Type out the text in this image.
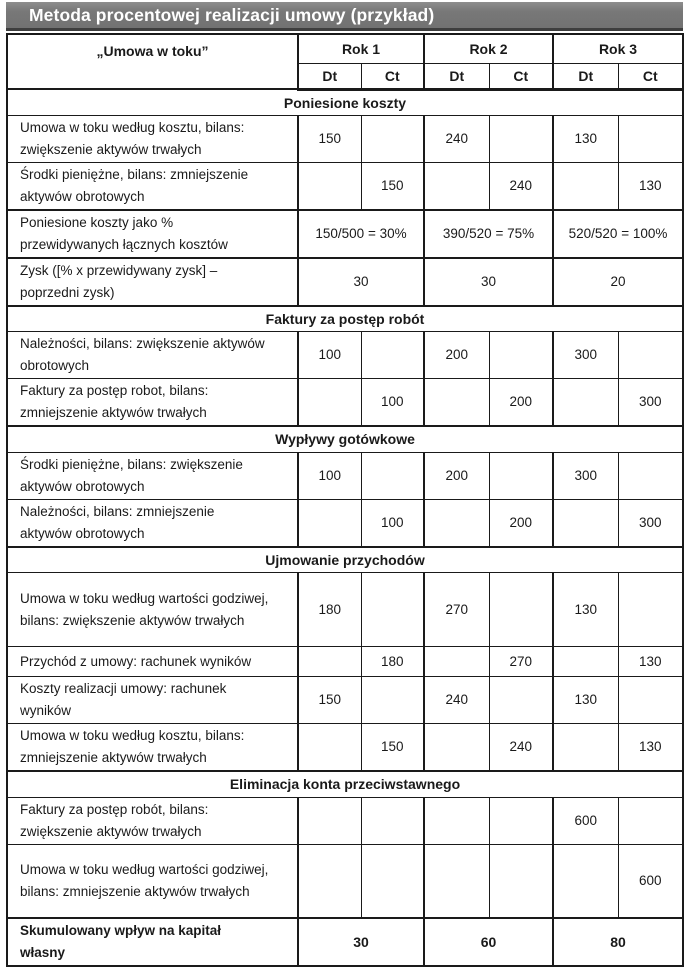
Metoda procentowej realizacji umowy (przykład)
„Umowa w toku”	Rok 1		Rok 2		Rok 3	
	Dt	Ct	Dt	Ct	Dt	Ct
Poniesione koszty						
Umowa w toku według kosztu, bilans: zwiększenie aktywów trwałych	150		240		130	
Środki pieniężne, bilans: zmniejszenie aktywów obrotowych		150		240		130
Poniesione koszty jako % przewidywanych łącznych kosztów	150/500 = 30%		390/520 = 75%		520/520 = 100%	
Zysk ([% x przewidywany zysk] – poprzedni zysk)	30		30		20	
Faktury za postęp robót						
Należności, bilans: zwiększenie aktywów obrotowych	100		200		300	
Faktury za postęp robot, bilans: zmniejszenie aktywów trwałych		100		200		300
Wypływy gotówkowe						
Środki pieniężne, bilans: zwiększenie aktywów obrotowych	100		200		300	
Należności, bilans: zmniejszenie aktywów obrotowych		100		200		300
Ujmowanie przychodów						
Umowa w toku według wartości godziwej, bilans: zwiększenie aktywów trwałych	180		270		130	
Przychód z umowy: rachunek wyników		180		270		130
Koszty realizacji umowy: rachunek wyników	150		240		130	
Umowa w toku według kosztu, bilans: zmniejszenie aktywów trwałych		150		240		130
Eliminacja konta przeciwstawnego						
Faktury za postęp robót, bilans: zwiększenie aktywów trwałych					600	
Umowa w toku według wartości godziwej, bilans: zmniejszenie aktywów trwałych						600
Skumulowany wpływ na kapitał własny	30		60		80	
